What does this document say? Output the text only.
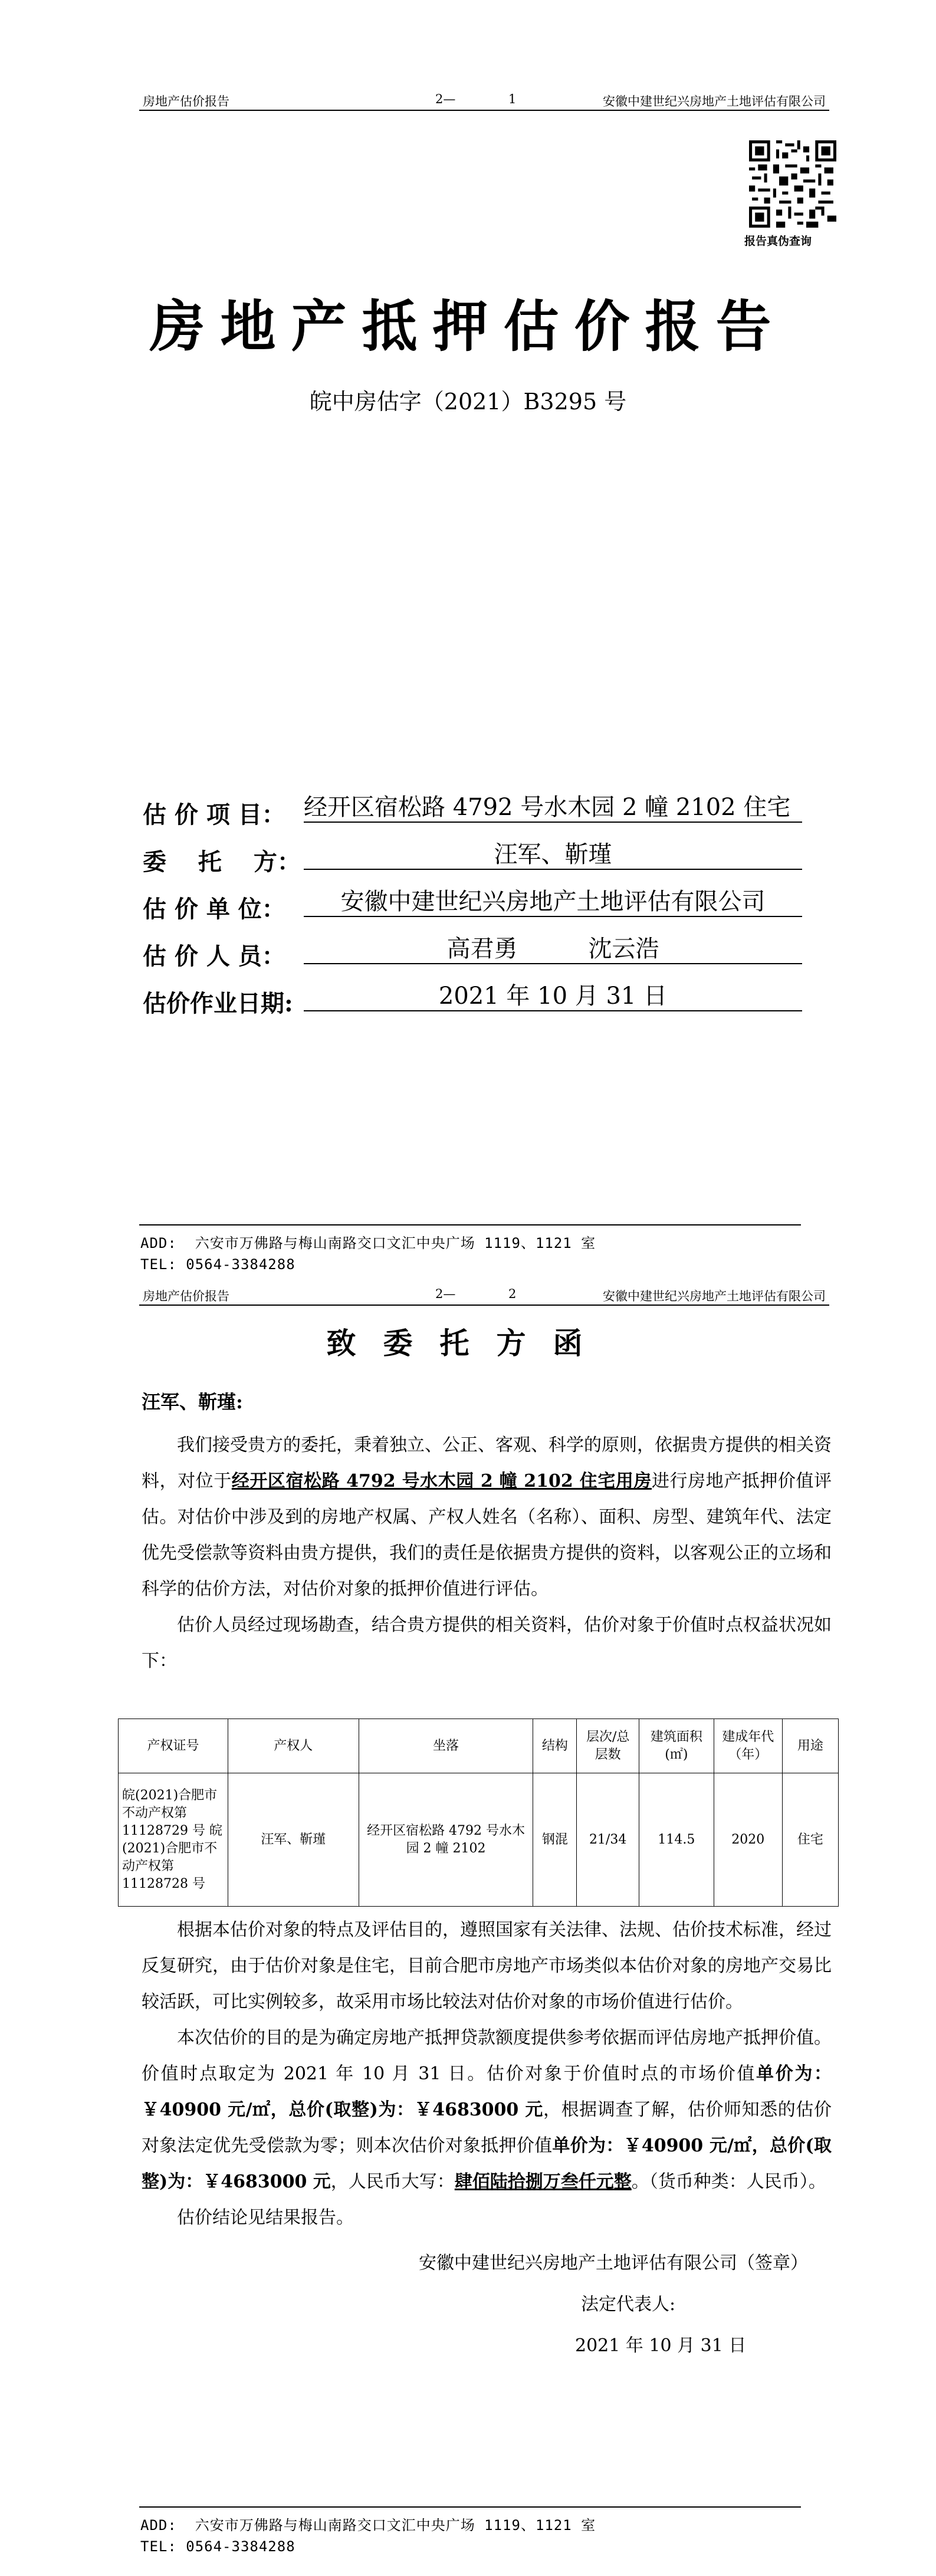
房地产估价报告	2—	1	安徽中建世纪兴房地产土地评估有限公司
报告真伪查询
房地产抵押估价报告
皖中房估字（2021）B3295 号
估 价 项 目： 经开区宿松路 4792 号水木园 2 幢 2102 住宅
委　 托　 方：	汪军、靳瑾
估 价 单 位：	安徽中建世纪兴房地产土地评估有限公司
估 价 人 员：	高君勇　　　沈云浩
估价作业日期:	2021 年 10 月 31 日
ADD:  六安市万佛路与梅山南路交口文汇中央广场 1119、1121 室
TEL: 0564-3384288
房地产估价报告	2—	2	安徽中建世纪兴房地产土地评估有限公司
致委托方函
汪军、靳瑾:

我们接受贵方的委托，秉着独立、公正、客观、科学的原则，依据贵方提供的相关资料，对位于经开区宿松路 4792 号水木园 2 幢 2102 住宅用房进行房地产抵押价值评估。对估价中涉及到的房地产权属、产权人姓名（名称）、面积、房型、建筑年代、法定优先受偿款等资料由贵方提供，我们的责任是依据贵方提供的资料，以客观公正的立场和科学的估价方法，对估价对象的抵押价值进行评估。

估价人员经过现场勘查，结合贵方提供的相关资料，估价对象于价值时点权益状况如下：

产权证号	产权人	坐落	结构	层次/总层数	建筑面积(㎡)	建成年代（年）	用途
皖(2021)合肥市不动产权第 11128729 号 皖(2021)合肥市不动产权第 11128728 号	汪军、靳瑾	经开区宿松路 4792 号水木园 2 幢 2102	钢混	21/34	114.5	2020	住宅

根据本估价对象的特点及评估目的，遵照国家有关法律、法规、估价技术标准，经过反复研究，由于估价对象是住宅，目前合肥市房地产市场类似本估价对象的房地产交易比较活跃，可比实例较多，故采用市场比较法对估价对象的市场价值进行估价。

本次估价的目的是为确定房地产抵押贷款额度提供参考依据而评估房地产抵押价值。价值时点取定为 2021 年 10 月 31 日。估价对象于价值时点的市场价值单价为：￥40900 元/㎡，总价(取整)为：￥4683000 元，根据调查了解，估价师知悉的估价对象法定优先受偿款为零；则本次估价对象抵押价值单价为：￥40900 元/㎡，总价(取整)为：￥4683000 元，人民币大写：肆佰陆拾捌万叁仟元整。（货币种类：人民币）。

估价结论见结果报告。

安徽中建世纪兴房地产土地评估有限公司（签章）
法定代表人:
2021 年 10 月 31 日
ADD:  六安市万佛路与梅山南路交口文汇中央广场 1119、1121 室
TEL: 0564-3384288
